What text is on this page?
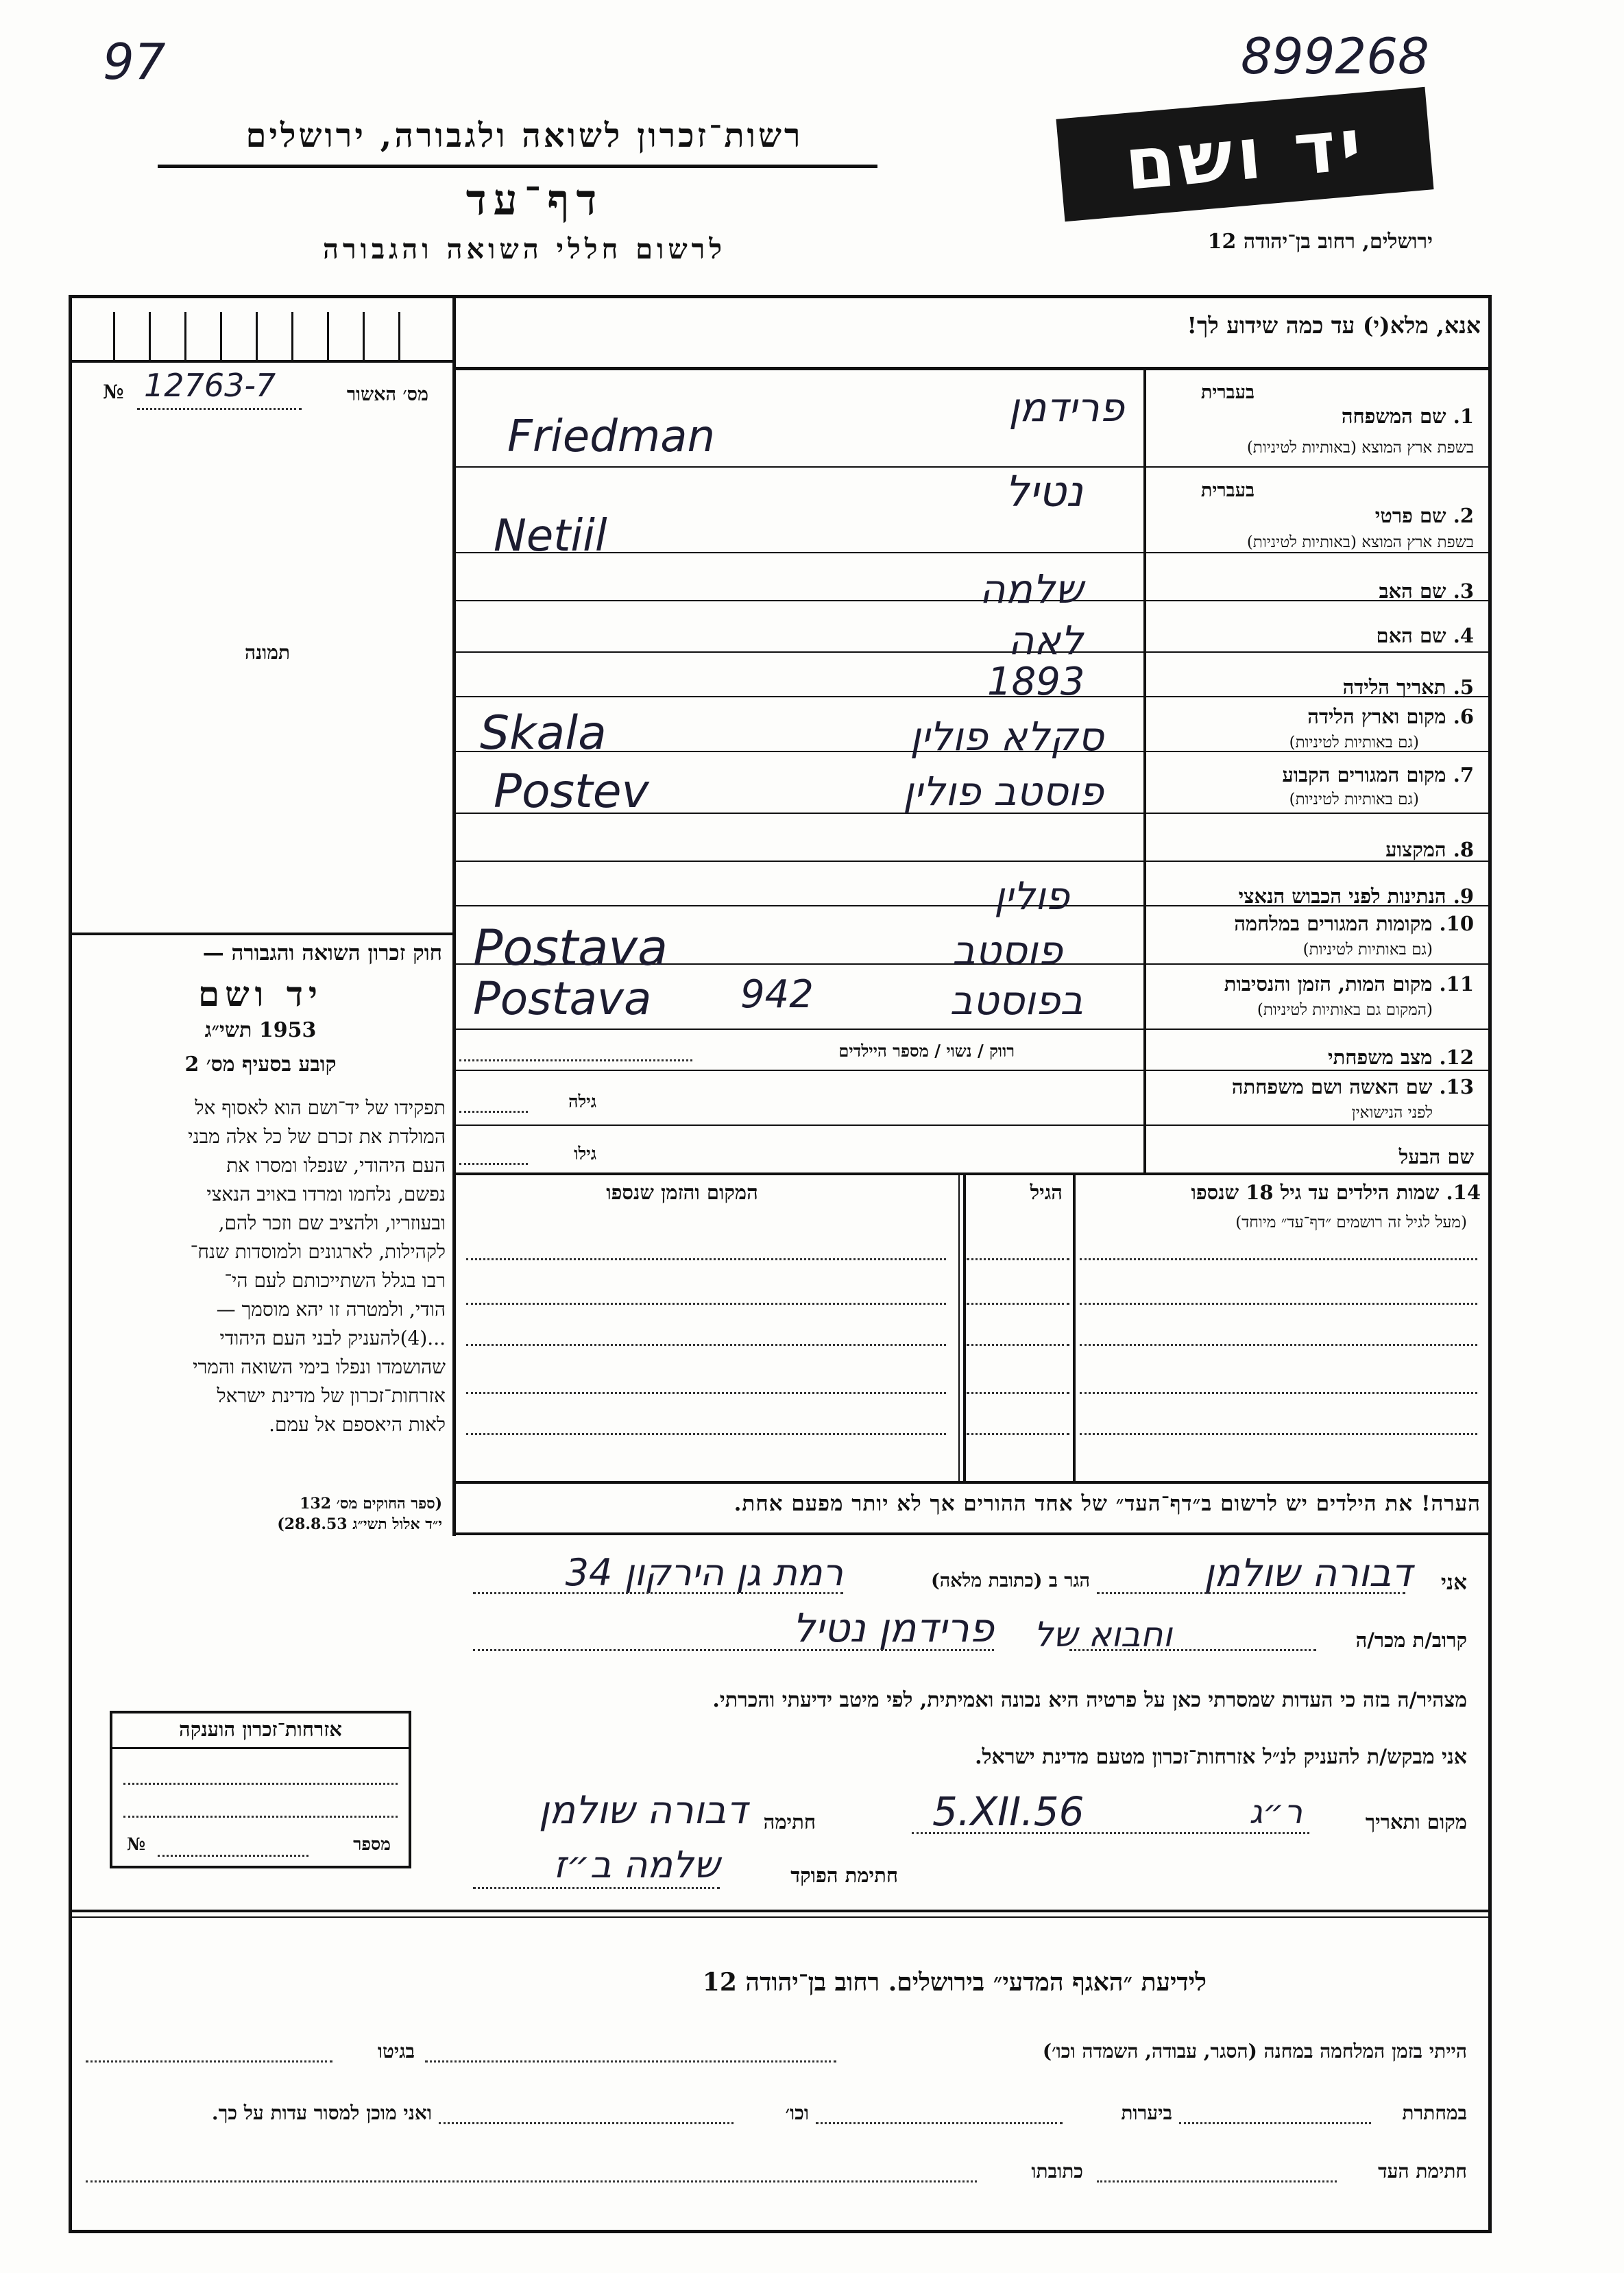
97	899268
רשות־זכרון לשואה ולגבורה, ירושלים
דף־עד
לרשום חללי השואה והגבורה
יד ושם
ירושלים, רחוב בן־יהודה 12
אנא, מלא(י) עד כמה שידוע לך!
№ 12763-7	מס׳ האשור
תמונה
חוק זכרון השואה והגבורה —
יד ושם
1953 תשי״ג
קובע בסעיף מס׳ 2
תפקידו של יד־ושם הוא לאסוף אל
המולדת את זכרם של כל אלה מבני
העם היהודי, שנפלו ומסרו את
נפשם, נלחמו ומרדו באויב הנאצי
ובעוזריו, ולהציב שם וזכר להם,
לקהילות, לארגונים ולמוסדות שנח־
רבו בגלל השתייכותם לעם הי־
הודי, ולמטרה זו יהא מוסמך —
...(4)להעניק לבני העם היהודי
שהושמדו ונפלו בימי השואה והמרי
אזרחות־זכרון של מדינת ישראל
לאות היאספם אל עמם.
(ספר החוקים מס׳ 132
י״ד אלול תשי״ג 28.8.53)
1. שם המשפחה
בשפת ארץ המוצא (באותיות לטיניות)
בעברית
2. שם פרטי
בשפת ארץ המוצא (באותיות לטיניות)
בעברית
3. שם האב
4. שם האם
5. תאריך הלידה
6. מקום וארץ הלידה
(גם באותיות לטיניות)
7. מקום המגורים הקבוע
(גם באותיות לטיניות)
8. המקצוע
9. הנתינות לפני הכבוש הנאצי
10. מקומות המגורים במלחמה
(גם באותיות לטיניות)
11. מקום המות, הזמן והנסיבות
(המקום גם באותיות לטיניות)
12. מצב משפחתי
13. שם האשה ושם משפחתה
לפני הנישואין
שם הבעל
רווק / נשוי / מספר היילדים
גילה
גילו
פרידמן
Friedman
נטיל
Netiil
שלמה
לאה
1893
סקלא פולין
Skala
פוסטב פולין
Postev
פולין
פוסטב
Postava
בפוסטב
Postava 942
14. שמות הילדים עד גיל 18 שנספו
(מעל לגיל זה רושמים ״דף־עד״ מיוחד)
הגיל
המקום והזמן שנספו
הערה! את הילדים יש לרשום ב״דף־העד״ של אחד ההורים אך לא יותר מפעם אחת.
אני
דבורה שולמן
הגר ב (כתובת מלאה)
רמת גן הירקון 34
קרוב/ת מכר/ה
וחבוא של
פרידמן נטיל
מצהיר/ה בזה כי העדות שמסרתי כאן על פרטיה היא נכונה ואמיתית, לפי מיטב ידיעתי והכרתי.
אני מבקש/ת להעניק לנ״ל אזרחות־זכרון מטעם מדינת ישראל.
מקום ותאריך
ר״ג
5.XII.56
חתימה
דבורה שולמן
חתימת הפוקד
שלמה ב״ז
אזרחות־זכרון הוענקה
מספר
№
לידיעת ״האגף המדעי״ בירושלים. רחוב בן־יהודה 12
הייתי בזמן המלחמה במחנה (הסגר, עבודה, השמדה וכו׳)
בגיטו
במחתרת
ביערות
וכו׳
ואני מוכן למסור עדות על כך.
חתימת העד
כתובתו
